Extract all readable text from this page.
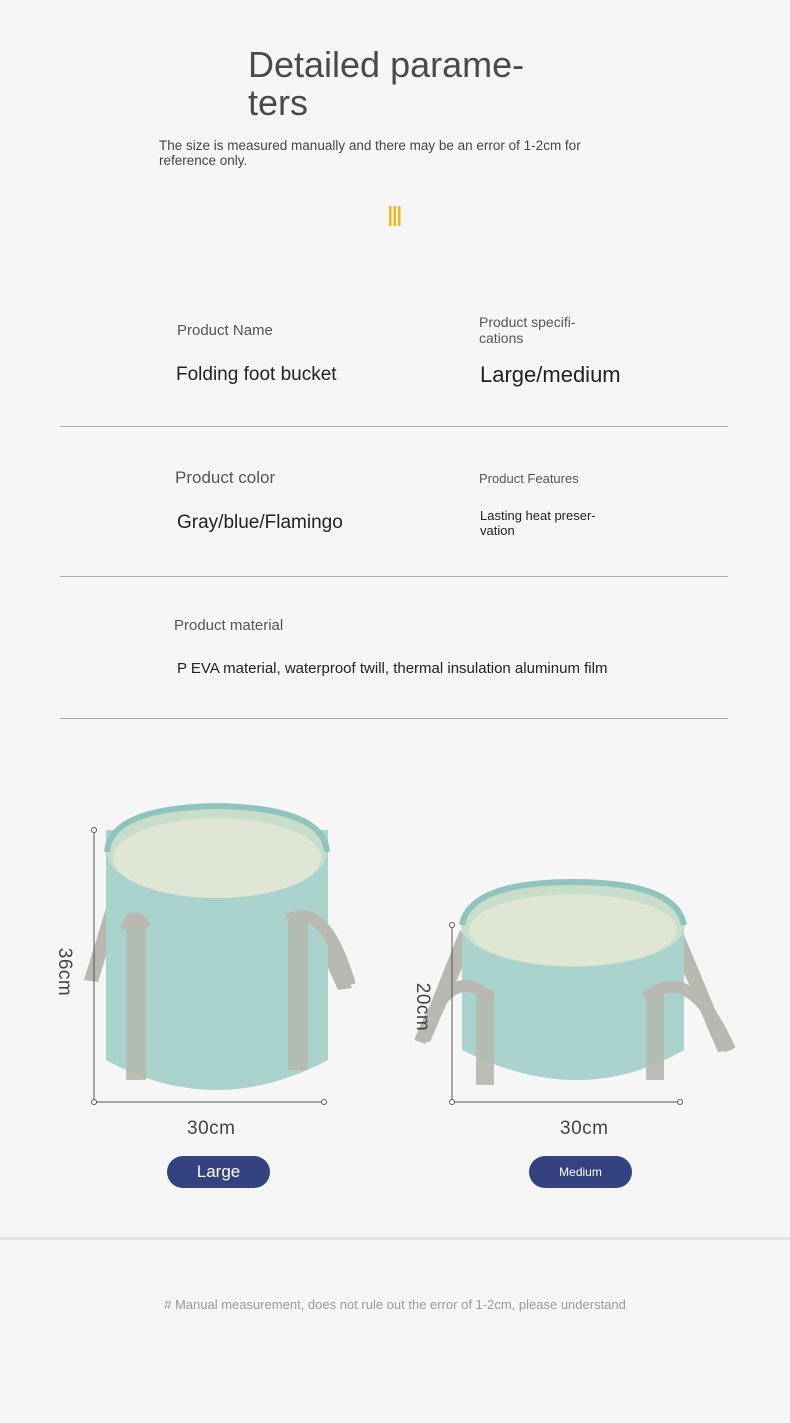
Detailed parame-
ters
The size is measured manually and there may be an error of 1-2cm for reference only.
Product Name
Folding foot bucket
Product specifi-
cations
Large/medium
Product color
Gray/blue/Flamingo
Product Features
Lasting heat preser-
vation
Product material
P EVA material, waterproof twill, thermal insulation aluminum film
36cm
30cm
20cm
30cm
Large	Medium
# Manual measurement, does not rule out the error of 1-2cm, please understand
